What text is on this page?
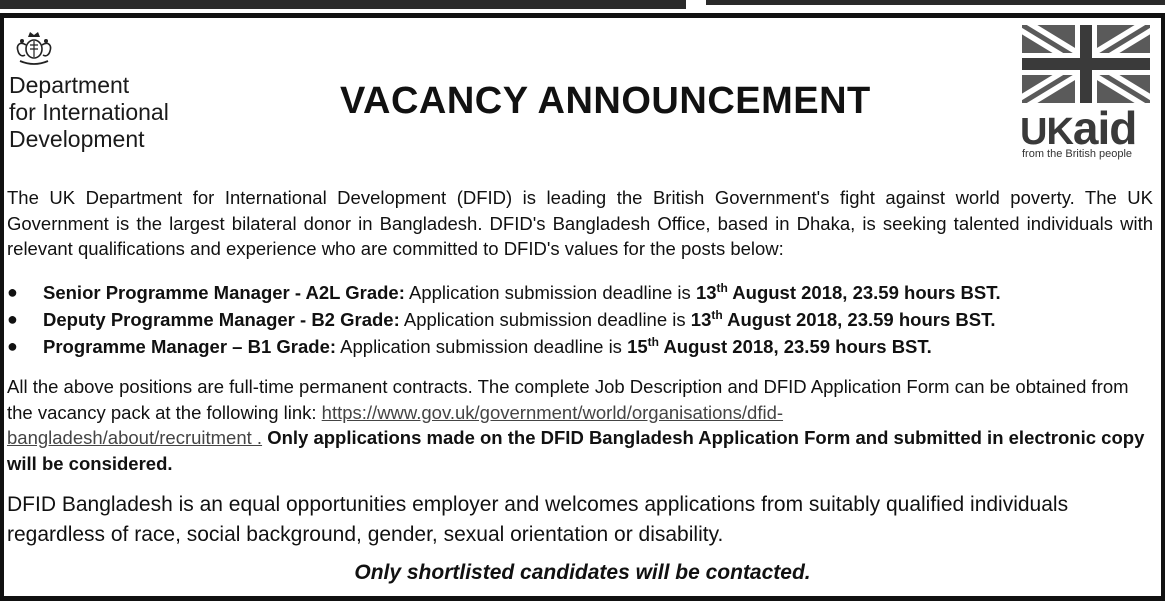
Department
for International
Development
VACANCY ANNOUNCEMENT
UKaid
from the British people
The UK Department for International Development (DFID) is leading the British Government's fight against world poverty. The UK Government is the largest bilateral donor in Bangladesh. DFID's Bangladesh Office, based in Dhaka, is seeking talented individuals with relevant qualifications and experience who are committed to DFID's values for the posts below:
● Senior Programme Manager - A2L Grade: Application submission deadline is 13th August 2018, 23.59 hours BST.
● Deputy Programme Manager - B2 Grade: Application submission deadline is 13th August 2018, 23.59 hours BST.
● Programme Manager – B1 Grade: Application submission deadline is 15th August 2018, 23.59 hours BST.
All the above positions are full-time permanent contracts. The complete Job Description and DFID Application Form can be obtained from the vacancy pack at the following link: https://www.gov.uk/government/world/organisations/dfid-
bangladesh/about/recruitment . Only applications made on the DFID Bangladesh Application Form and submitted in electronic copy will be considered.
DFID Bangladesh is an equal opportunities employer and welcomes applications from suitably qualified individuals regardless of race, social background, gender, sexual orientation or disability.
Only shortlisted candidates will be contacted.
